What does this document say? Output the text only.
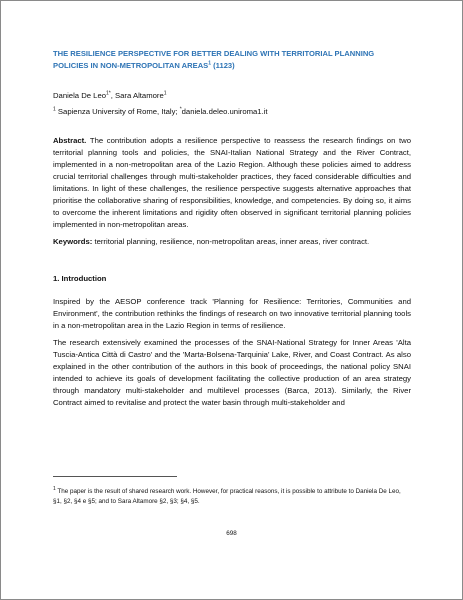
THE RESILIENCE PERSPECTIVE FOR BETTER DEALING WITH TERRITORIAL PLANNING POLICIES IN NON-METROPOLITAN AREAS$^1$ (1123)
Daniela De Leo$^{1*}$, Sara Altamore$^1$
$^1$ Sapienza University of Rome, Italy; *daniela.deleo.uniroma1.it
Abstract. The contribution adopts a resilience perspective to reassess the research findings on two territorial planning tools and policies, the SNAI-Italian National Strategy and the River Contract, implemented in a non-metropolitan area of the Lazio Region. Although these policies aimed to address crucial territorial challenges through multi-stakeholder practices, they faced considerable difficulties and limitations. In light of these challenges, the resilience perspective suggests alternative approaches that prioritise the collaborative sharing of responsibilities, knowledge, and competencies. By doing so, it aims to overcome the inherent limitations and rigidity often observed in significant territorial planning policies implemented in non-metropolitan areas.
Keywords: territorial planning, resilience, non-metropolitan areas, inner areas, river contract.
1. Introduction
Inspired by the AESOP conference track 'Planning for Resilience: Territories, Communities and Environment', the contribution rethinks the findings of research on two innovative territorial planning tools in a non-metropolitan area in the Lazio Region in terms of resilience.
The research extensively examined the processes of the SNAI-National Strategy for Inner Areas 'Alta Tuscia-Antica Città di Castro' and the 'Marta-Bolsena-Tarquinia' Lake, River, and Coast Contract. As also explained in the other contribution of the authors in this book of proceedings, the national policy SNAI intended to achieve its goals of development facilitating the collective production of an area strategy through mandatory multi-stakeholder and multilevel processes (Barca, 2013). Similarly, the River Contract aimed to revitalise and protect the water basin through multi-stakeholder and
$^1$ The paper is the result of shared research work. However, for practical reasons, it is possible to attribute to Daniela De Leo, §1, §2, §4 e §5; and to Sara Altamore §2, §3; §4, §5.
698
